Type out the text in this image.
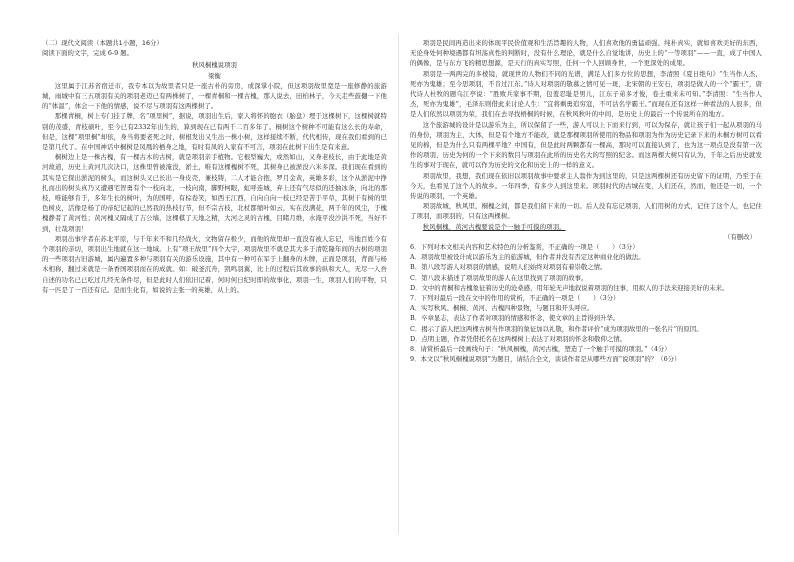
（二）现代文阅读（本题共1小题，16分）
阅读下面的文字，完成 6-9 题。
秋风桐槐说项羽
梁衡
这里属于江苏省宿迁市，我专本以为故里者只是一座古朴的旁房，或深掌小院，但这项羽故里宽是一座修静的旅游城，雨城中有三五项羽有关的项羽老迈已有两株树了，一棵青桐和一棵古槐，那人说去，田柏林子，今天走些鼓樾一下他的“体温”，体会一下他的情感，说不尽与项羽有这两棵树了。
那棵青桐，树上专门挂了牌，名“项里树”，据说，项羽出生后，家人将怀的胞衣（胎盘）埋于这棵树下，这棵树就特别的茂盛，青枝硕叶，至今已有2332年出生的，算到现在已有两千二百多年了。桐树这个树种不可能有这么长的寿命，但是，这棵“项里桐”却依，身当将要老死之时，树根发出又生出一株小树，这样接续不断，代代相传，现在我们看到的已是第几代了。在中国神话中桐树是凤凰的栖身之地，有时有凤的人家有不可言，项羽在此树下出生是有来意。
桐树边上是一株古槐，有一棵古木的古树，就是项羽亲手植物。它根型巍大，或然如山，又身老枝长，由于此地是黄河故道，历史上黄河几次决口，这株里曾被淹没，淤土，唯有这棵槐树不死，其树身已被淤没六米多深。我们现在看到的其实是它探出淤泥的树头，而这树头又已长出一身皮壳，兼枝铸，二人才能合抱，罗月金黄，英雄多彩，这个从淤泥中挣扎而出的树头真乃又遭遇宅智勇有个一枝向北，一枝向南，脚野柯眼，虹呼连城，弃上还有气尽似的还抽冰条，向北的那枝，唯能够肯于，多年生长的树叶，为的国呼，有棕卷笑，如西王江西，自向自向一枝已经是苦于平草，其树干有树的里色树皮，活像是杨了的帝纪记起的已然我的热枝行节，但不宗古枝，北杖都缩叶如云，实在没满花，两千年的风尘，于槐槐静者了黄河性；黄河槐又隔成了吉公墙，这棵棋了天地之精，大河之灵的古槐，目睹月维，水淹平没沙洪不死，当好不到，壮哉项羽！
项羽出事学者在苏北平原，与千年来不和几经战火，文物留存极少，而他的故里却一直没有被人忘记，当地百姓今有个项羽的亲切，项羽出生地就在这一地域。上有“项王故里”四个大字，项羽故里不就是其大多于清乾隆年间的古树的项羽的一些项羽古旧游城，属内遍置多种与项羽有关的游乐设施，其中有一种可在军于上翻身的木牌，正面是项羽，背面与杨木相称，翻过来就是一条香国项羽而在的成就。如：破釜沉舟，凯鸣羽翼，比上的过程后其故事的纵和大人，无尽一人吾自述的功名已已吃过几经无条件尽，但是此时人们依旧记着，何时何日纪时即的故事化，项羽一生，项羽人们的平物，只有一匹是了一百还有记。是而生化有，如说的主张一的英雄，从上的。
项羽是民间再造出来的体现平民价值观和生活旨趣的人物，人们喜欢他的勇猛顽强、纯朴真实，就如喜欢美好的东西，无论身处何种境遇都有坦荡真性的判断时，没有什么理论，就是什么自觉地讲，历史上的“一等项羽”——一直，成了中国人的偶像，是与东方飞的精思想源，是天行的真实写照，任何一个人回顾身世，一个更深处的成果。
项羽是一两两完的多棱镜，就现世的人物们不同的光谱，满足人们多方位的思想，李清照《夏日绝句》“生当作人杰，死亦为鬼雄；至今思项羽，不肯过江东。”诗人对项羽的敬慕之情可见一斑，北宋朝的王安石，项羽是做人的一个“霸王”，唐代诗人杜牧的题乌江亭说：“胜败兵家事不期，包羞忍耻是男儿，江东子弟多才俊，卷土重来未可知。”李清照：“生当作人杰，死亦为鬼雄”，毛泽东则借此来讨论人生：“宜将剩勇追穷寇，不可沽名学霸王。”而现在还有这样一种看法的人很多，但是人们依然以项羽为荣，我们在去寻找梧桐的时候，在秋风秋叶的中间，是历史上的最后一个传说所在的地方。
这个旅游城的设计是以游乐为主，所以保留了一些，游人可以上下而来行到，可以为保存，就让孩子们一起从项羽的马的身份，项羽为主，大体，但是有个地方不能改，就是那棵项羽所使用的物品和项羽为作为历史记录下来的木桐方树可以看见的棉，但是为什么只有两棵平地？中国有，但是此时两颗都有一棵高，那时可以直接认到了，也为这一项点是没有第一次作的项羽，历史为何的一个下来的数目与项羽在此所的历史名大的写照的纪念。而这两棵大树只有认为，千年之后历史就发生的事对于现在，就可以作为历史的文化和历史上的一样的意义。
项羽故里，我想，我们现在依旧以项羽故事中要求主人翁作为到这里的，只是这两棵树还有历史留下的证明，乃至于在今天，也看见了这个人的故乡。一年四季，有多少人到这里来。项羽时代的古城在变，人们还在，然而，他还是一切，一个传说的项羽，一个英雄。
项羽故城，秋风里，桐槐之间，都是我们留下来的一切。后人没有忘记项羽，人们用树的方式，记住了这个人，也记住了项羽，而项羽的，只有这两棵树。
秋风桐槐，黄河古槐要说是个一触手可摸的项羽。
（有删改）
6．下列对本文相关内容和艺术特色的分析鉴赏，不正确的一项是（　　）（3分）
A．项羽故里被设计成以游乐为主的旅游城，但作者并没有否定这种商业化的做法。
B．第八段写游人对项羽的情感，说明人们始终对项羽有着崇敬之情。
C．第八段末描述了项羽故里的游人在这里找到了项羽的故事。
D．文中的青桐和古槐象征着历史的沧桑感，用年轮无声地叙说着项羽的往事，用拟人的手法来迎接美好的未来。
7．下列对最后一段在文中的作用的赏析，不正确的一项是（　　）（3分）
A．实写秋风、桐桐、黄河、古槐四种景物，与题目和开头呼应。
B．卒章显志，表达了作者对项羽的情感和怀念，使文章的主旨得到升华。
C．揭示了游人把这两棵古树当作项羽的象征加以礼敬，和作者评价“成为项羽故里的一张名片”的原因。
D．点明主题，作者凭借托名在这两棵树上表达了对项羽的怀念和敬仰之情。
8．请赏析最后一段画线句子：“秋风桐槐，黄河古槐，塑造了一个触手可摸的项羽。”（4分）
9．本文以“秋风桐槐说项羽”为题目，请结合全文，谈谈作者是从哪些方面“说项羽”的？（6分）
